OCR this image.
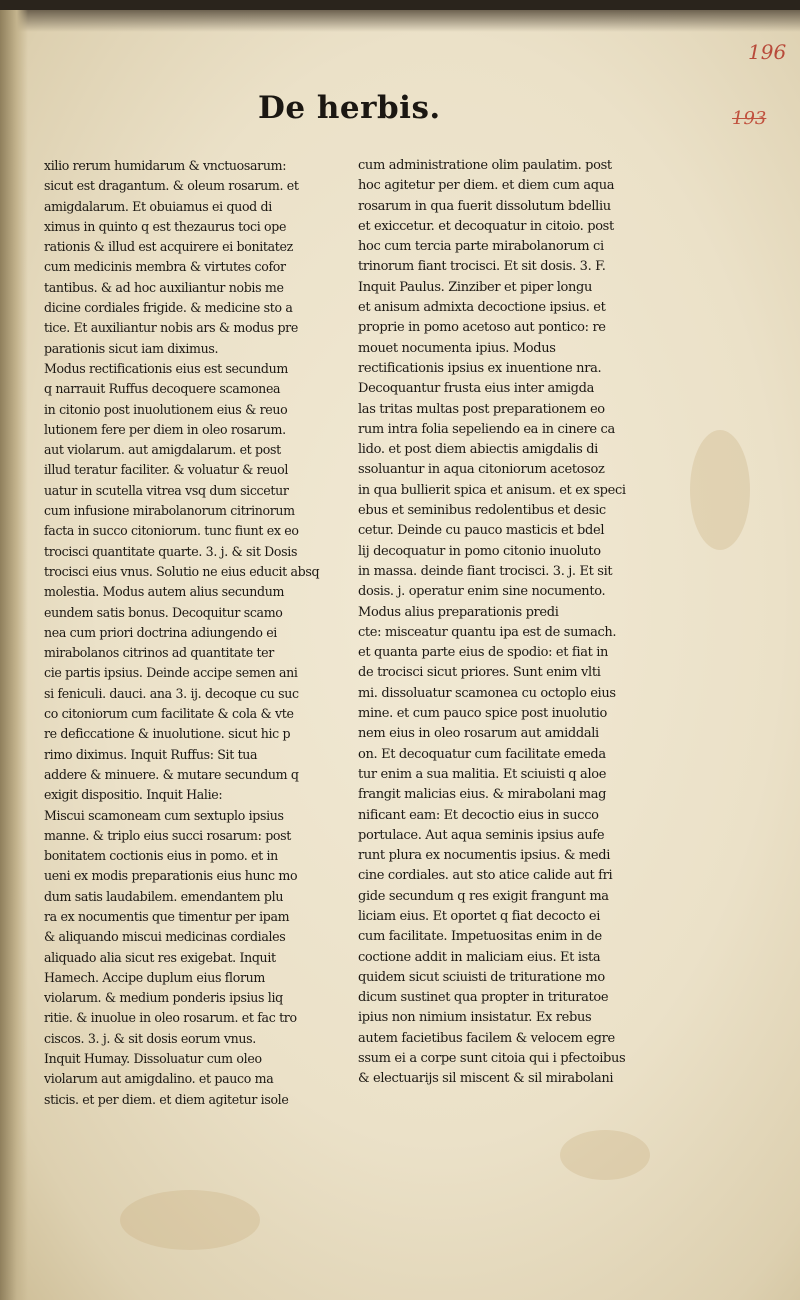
196

193

De herbis.
xilio rerum humidarum & vnctuosarum:
sicut est dragantum. & oleum rosarum. et
amigdalarum. Et obuiamus ei quod di
ximus in quinto q est thezaurus toci ope
rationis & illud est acquirere ei bonitatez
cum medicinis membra & virtutes cofor
tantibus. & ad hoc auxiliantur nobis me
dicine cordiales frigide. & medicine sto a
tice. Et auxiliantur nobis ars & modus pre
parationis sicut iam diximus.
Modus rectificationis eius est secundum
q narrauit Ruffus decoquere scamonea
in citonio post inuolutionem eius & reuo
lutionem fere per diem in oleo rosarum.
aut violarum. aut amigdalarum. et post
illud teratur faciliter. & voluatur & reuol
uatur in scutella vitrea vsq dum siccetur
cum infusione mirabolanorum citrinorum
facta in succo citoniorum. tunc fiunt ex eo
trocisci quantitate quarte. 3. j. & sit Dosis
trocisci eius vnus. Solutio ne eius educit absq
molestia. Modus autem alius secundum
eundem satis bonus. Decoquitur scamo
nea cum priori doctrina adiungendo ei
mirabolanos citrinos ad quantitate ter
cie partis ipsius. Deinde accipe semen ani
si feniculi. dauci. ana 3. ij. decoque cu suc
co citoniorum cum facilitate & cola & vte
re deficcatione & inuolutione. sicut hic p
rimo diximus. Inquit Ruffus: Sit tua
addere & minuere. & mutare secundum q
exigit dispositio. Inquit Halie:
Miscui scamoneam cum sextuplo ipsius
manne. & triplo eius succi rosarum: post
bonitatem coctionis eius in pomo. et in
ueni ex modis preparationis eius hunc mo
dum satis laudabilem. emendantem plu
ra ex nocumentis que timentur per ipam
& aliquando miscui medicinas cordiales
aliquado alia sicut res exigebat. Inquit
Hamech. Accipe duplum eius florum
violarum. & medium ponderis ipsius liq
ritie. & inuolue in oleo rosarum. et fac tro
ciscos. 3. j. & sit dosis eorum vnus.
Inquit Humay. Dissoluatur cum oleo
violarum aut amigdalino. et pauco ma
sticis. et per diem. et diem agitetur isole
cum administratione olim paulatim. post
hoc agitetur per diem. et diem cum aqua
rosarum in qua fuerit dissolutum bdelliu
et exiccetur. et decoquatur in citoio. post
hoc cum tercia parte mirabolanorum ci
trinorum fiant trocisci. Et sit dosis. 3. F.
Inquit Paulus. Zinziber et piper longu
et anisum admixta decoctione ipsius. et
proprie in pomo acetoso aut pontico: re
mouet nocumenta ipius. Modus
rectificationis ipsius ex inuentione nra.
Decoquantur frusta eius inter amigda
las tritas multas post preparationem eo
rum intra folia sepeliendo ea in cinere ca
lido. et post diem abiectis amigdalis di
ssoluantur in aqua citoniorum acetosoz
in qua bullierit spica et anisum. et ex speci
ebus et seminibus redolentibus et desic
cetur. Deinde cu pauco masticis et bdel
lij decoquatur in pomo citonio inuoluto
in massa. deinde fiant trocisci. 3. j. Et sit
dosis. j. operatur enim sine nocumento.
Modus alius preparationis predi
cte: misceatur quantu ipa est de sumach.
et quanta parte eius de spodio: et fiat in
de trocisci sicut priores. Sunt enim vlti
mi. dissoluatur scamonea cu octoplo eius
mine. et cum pauco spice post inuolutio
nem eius in oleo rosarum aut amiddali
on. Et decoquatur cum facilitate emeda
tur enim a sua malitia. Et sciuisti q aloe
frangit malicias eius. & mirabolani mag
nificant eam: Et decoctio eius in succo
portulace. Aut aqua seminis ipsius aufe
runt plura ex nocumentis ipsius. & medi
cine cordiales. aut sto atice calide aut fri
gide secundum q res exigit frangunt ma
liciam eius. Et oportet q fiat decocto ei
cum facilitate. Impetuositas enim in de
coctione addit in maliciam eius. Et ista
quidem sicut sciuisti de trituratione mo
dicum sustinet qua propter in trituratoe
ipius non nimium insistatur. Ex rebus
autem facietibus facilem & velocem egre
ssum ei a corpe sunt citoia qui i pfectoibus
& electuarijs sil miscent & sil mirabolani
